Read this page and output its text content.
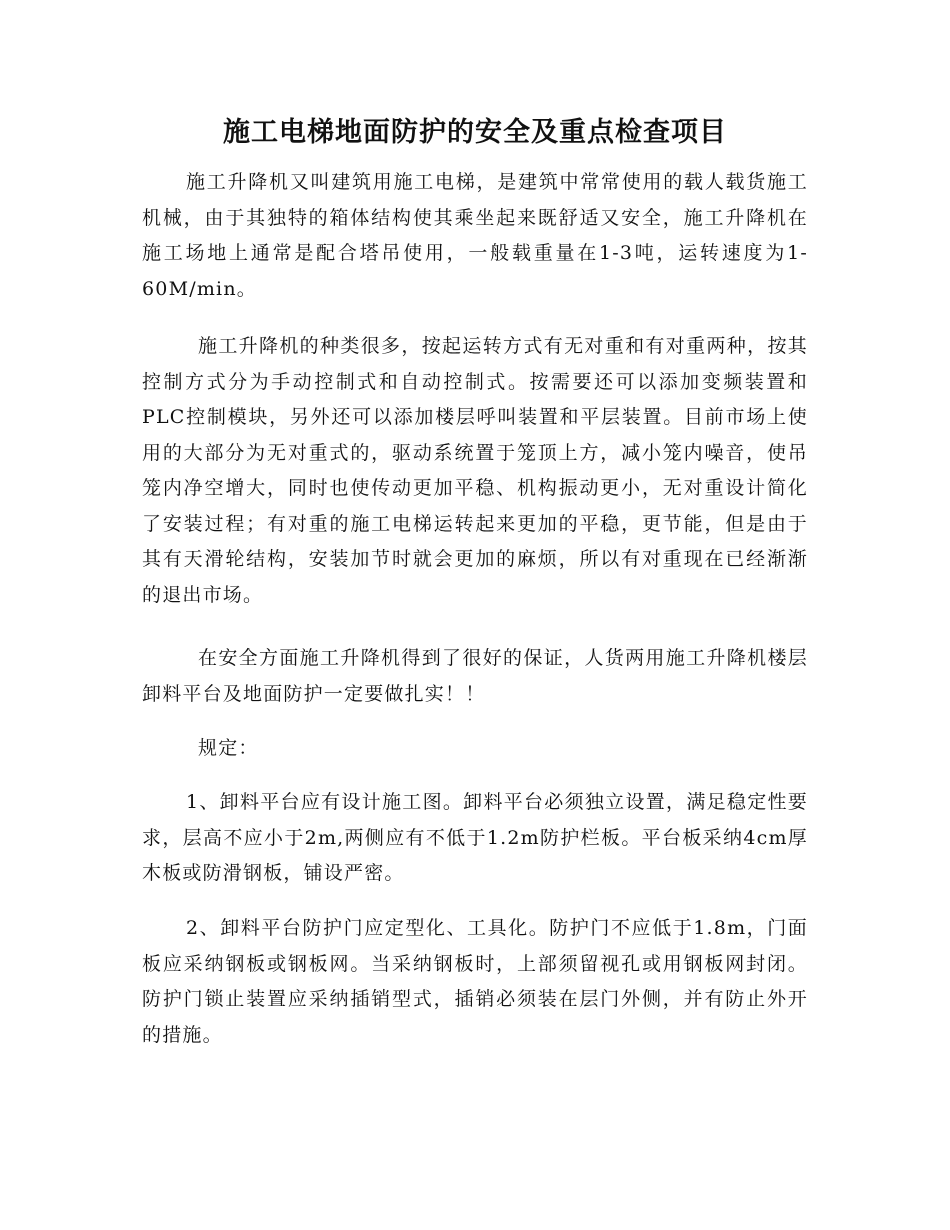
施工电梯地面防护的安全及重点检查项目

施工升降机又叫建筑用施工电梯，是建筑中常常使用的载人载货施工机械，由于其独特的箱体结构使其乘坐起来既舒适又安全，施工升降机在施工场地上通常是配合塔吊使用，一般载重量在1-3吨，运转速度为1-60M/min。

施工升降机的种类很多，按起运转方式有无对重和有对重两种，按其控制方式分为手动控制式和自动控制式。按需要还可以添加变频装置和PLC控制模块，另外还可以添加楼层呼叫装置和平层装置。目前市场上使用的大部分为无对重式的，驱动系统置于笼顶上方，减小笼内噪音，使吊笼内净空增大，同时也使传动更加平稳、机构振动更小，无对重设计简化了安装过程；有对重的施工电梯运转起来更加的平稳，更节能，但是由于其有天滑轮结构，安装加节时就会更加的麻烦，所以有对重现在已经渐渐的退出市场。

在安全方面施工升降机得到了很好的保证，人货两用施工升降机楼层卸料平台及地面防护一定要做扎实！！

规定：

1、卸料平台应有设计施工图。卸料平台必须独立设置，满足稳定性要求，层高不应小于2m,两侧应有不低于1.2m防护栏板。平台板采纳4cm厚木板或防滑钢板，铺设严密。

2、卸料平台防护门应定型化、工具化。防护门不应低于1.8m，门面板应采纳钢板或钢板网。当采纳钢板时，上部须留视孔或用钢板网封闭。防护门锁止装置应采纳插销型式，插销必须装在层门外侧，并有防止外开的措施。
